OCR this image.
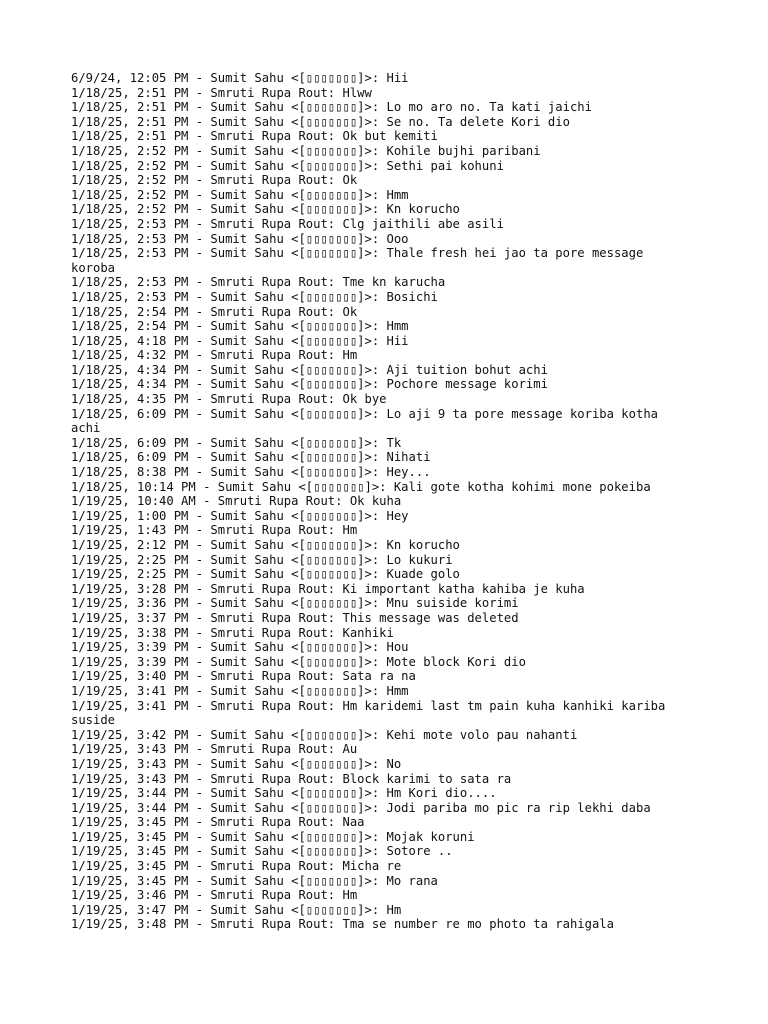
6/9/24, 12:05 PM - Sumit Sahu <[▯▯▯▯▯▯▯]>: Hii
1/18/25, 2:51 PM - Smruti Rupa Rout: Hlww
1/18/25, 2:51 PM - Sumit Sahu <[▯▯▯▯▯▯▯]>: Lo mo aro no. Ta kati jaichi
1/18/25, 2:51 PM - Sumit Sahu <[▯▯▯▯▯▯▯]>: Se no. Ta delete Kori dio
1/18/25, 2:51 PM - Smruti Rupa Rout: Ok but kemiti
1/18/25, 2:52 PM - Sumit Sahu <[▯▯▯▯▯▯▯]>: Kohile bujhi paribani
1/18/25, 2:52 PM - Sumit Sahu <[▯▯▯▯▯▯▯]>: Sethi pai kohuni
1/18/25, 2:52 PM - Smruti Rupa Rout: Ok
1/18/25, 2:52 PM - Sumit Sahu <[▯▯▯▯▯▯▯]>: Hmm
1/18/25, 2:52 PM - Sumit Sahu <[▯▯▯▯▯▯▯]>: Kn korucho
1/18/25, 2:53 PM - Smruti Rupa Rout: Clg jaithili abe asili
1/18/25, 2:53 PM - Sumit Sahu <[▯▯▯▯▯▯▯]>: Ooo
1/18/25, 2:53 PM - Sumit Sahu <[▯▯▯▯▯▯▯]>: Thale fresh hei jao ta pore message
koroba
1/18/25, 2:53 PM - Smruti Rupa Rout: Tme kn karucha
1/18/25, 2:53 PM - Sumit Sahu <[▯▯▯▯▯▯▯]>: Bosichi
1/18/25, 2:54 PM - Smruti Rupa Rout: Ok
1/18/25, 2:54 PM - Sumit Sahu <[▯▯▯▯▯▯▯]>: Hmm
1/18/25, 4:18 PM - Sumit Sahu <[▯▯▯▯▯▯▯]>: Hii
1/18/25, 4:32 PM - Smruti Rupa Rout: Hm
1/18/25, 4:34 PM - Sumit Sahu <[▯▯▯▯▯▯▯]>: Aji tuition bohut achi
1/18/25, 4:34 PM - Sumit Sahu <[▯▯▯▯▯▯▯]>: Pochore message korimi
1/18/25, 4:35 PM - Smruti Rupa Rout: Ok bye
1/18/25, 6:09 PM - Sumit Sahu <[▯▯▯▯▯▯▯]>: Lo aji 9 ta pore message koriba kotha
achi
1/18/25, 6:09 PM - Sumit Sahu <[▯▯▯▯▯▯▯]>: Tk
1/18/25, 6:09 PM - Sumit Sahu <[▯▯▯▯▯▯▯]>: Nihati
1/18/25, 8:38 PM - Sumit Sahu <[▯▯▯▯▯▯▯]>: Hey...
1/18/25, 10:14 PM - Sumit Sahu <[▯▯▯▯▯▯▯]>: Kali gote kotha kohimi mone pokeiba
1/19/25, 10:40 AM - Smruti Rupa Rout: Ok kuha
1/19/25, 1:00 PM - Sumit Sahu <[▯▯▯▯▯▯▯]>: Hey
1/19/25, 1:43 PM - Smruti Rupa Rout: Hm
1/19/25, 2:12 PM - Sumit Sahu <[▯▯▯▯▯▯▯]>: Kn korucho
1/19/25, 2:25 PM - Sumit Sahu <[▯▯▯▯▯▯▯]>: Lo kukuri
1/19/25, 2:25 PM - Sumit Sahu <[▯▯▯▯▯▯▯]>: Kuade golo
1/19/25, 3:28 PM - Smruti Rupa Rout: Ki important katha kahiba je kuha
1/19/25, 3:36 PM - Sumit Sahu <[▯▯▯▯▯▯▯]>: Mnu suiside korimi
1/19/25, 3:37 PM - Smruti Rupa Rout: This message was deleted
1/19/25, 3:38 PM - Smruti Rupa Rout: Kanhiki
1/19/25, 3:39 PM - Sumit Sahu <[▯▯▯▯▯▯▯]>: Hou
1/19/25, 3:39 PM - Sumit Sahu <[▯▯▯▯▯▯▯]>: Mote block Kori dio
1/19/25, 3:40 PM - Smruti Rupa Rout: Sata ra na
1/19/25, 3:41 PM - Sumit Sahu <[▯▯▯▯▯▯▯]>: Hmm
1/19/25, 3:41 PM - Smruti Rupa Rout: Hm karidemi last tm pain kuha kanhiki kariba
suside
1/19/25, 3:42 PM - Sumit Sahu <[▯▯▯▯▯▯▯]>: Kehi mote volo pau nahanti
1/19/25, 3:43 PM - Smruti Rupa Rout: Au
1/19/25, 3:43 PM - Sumit Sahu <[▯▯▯▯▯▯▯]>: No
1/19/25, 3:43 PM - Smruti Rupa Rout: Block karimi to sata ra
1/19/25, 3:44 PM - Sumit Sahu <[▯▯▯▯▯▯▯]>: Hm Kori dio....
1/19/25, 3:44 PM - Sumit Sahu <[▯▯▯▯▯▯▯]>: Jodi pariba mo pic ra rip lekhi daba
1/19/25, 3:45 PM - Smruti Rupa Rout: Naa
1/19/25, 3:45 PM - Sumit Sahu <[▯▯▯▯▯▯▯]>: Mojak koruni
1/19/25, 3:45 PM - Sumit Sahu <[▯▯▯▯▯▯▯]>: Sotore ..
1/19/25, 3:45 PM - Smruti Rupa Rout: Micha re
1/19/25, 3:45 PM - Sumit Sahu <[▯▯▯▯▯▯▯]>: Mo rana
1/19/25, 3:46 PM - Smruti Rupa Rout: Hm
1/19/25, 3:47 PM - Sumit Sahu <[▯▯▯▯▯▯▯]>: Hm
1/19/25, 3:48 PM - Smruti Rupa Rout: Tma se number re mo photo ta rahigala
